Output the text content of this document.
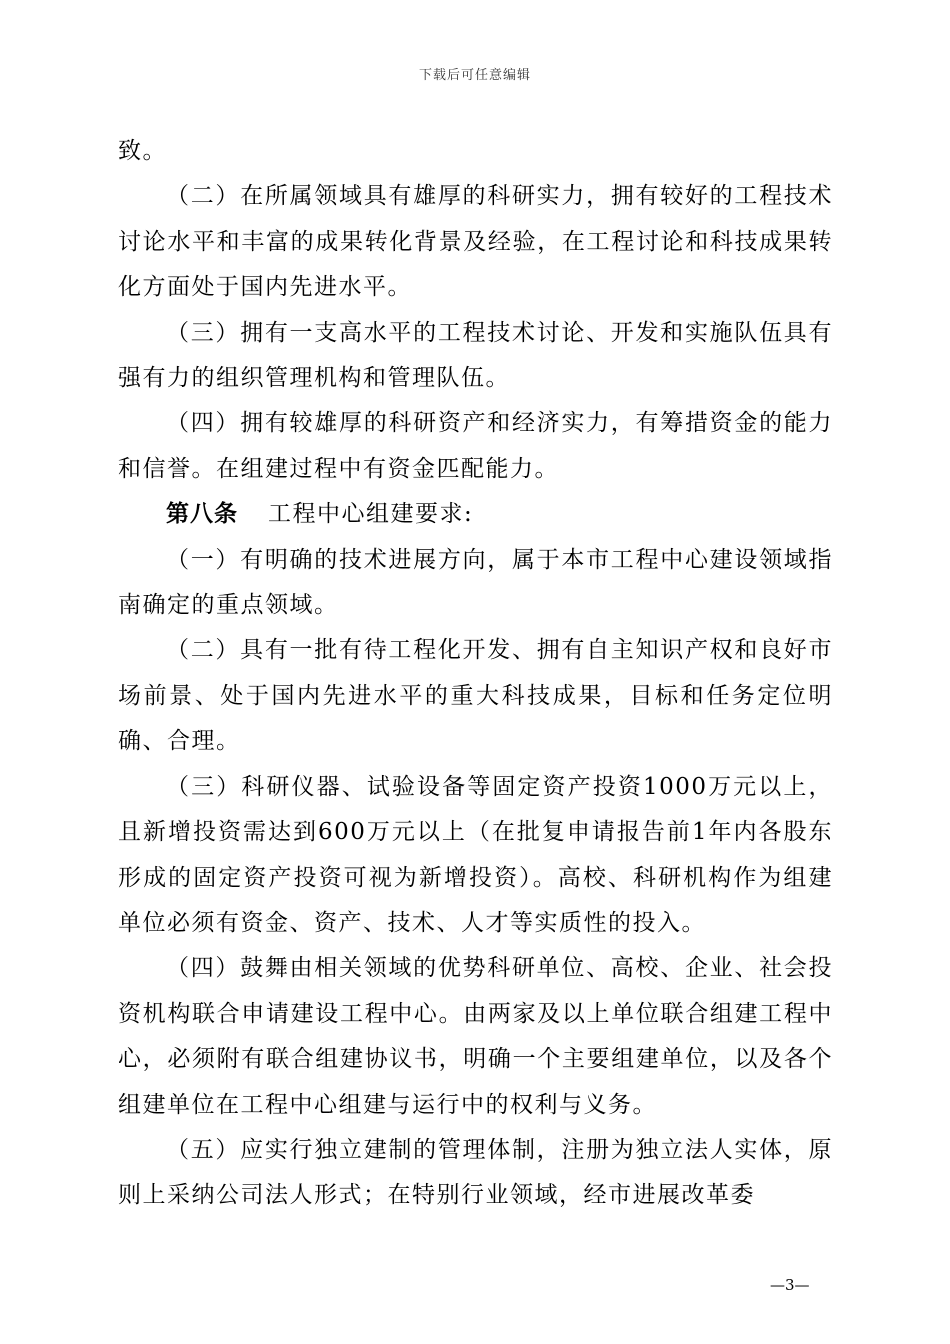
下载后可任意编辑

致。

（二）在所属领域具有雄厚的科研实力，拥有较好的工程技术讨论水平和丰富的成果转化背景及经验，在工程讨论和科技成果转化方面处于国内先进水平。

（三）拥有一支高水平的工程技术讨论、开发和实施队伍具有强有力的组织管理机构和管理队伍。

（四）拥有较雄厚的科研资产和经济实力，有筹措资金的能力和信誉。在组建过程中有资金匹配能力。

第八条 工程中心组建要求:

（一）有明确的技术进展方向，属于本市工程中心建设领域指南确定的重点领域。

（二）具有一批有待工程化开发、拥有自主知识产权和良好市场前景、处于国内先进水平的重大科技成果，目标和任务定位明确、合理。

（三）科研仪器、试验设备等固定资产投资1000万元以上，且新增投资需达到600万元以上（在批复申请报告前1年内各股东形成的固定资产投资可视为新增投资）。高校、科研机构作为组建单位必须有资金、资产、技术、人才等实质性的投入。

（四）鼓舞由相关领域的优势科研单位、高校、企业、社会投资机构联合申请建设工程中心。由两家及以上单位联合组建工程中心，必须附有联合组建协议书，明确一个主要组建单位，以及各个组建单位在工程中心组建与运行中的权利与义务。

（五）应实行独立建制的管理体制，注册为独立法人实体，原则上采纳公司法人形式；在特别行业领域，经市进展改革委

—3—
